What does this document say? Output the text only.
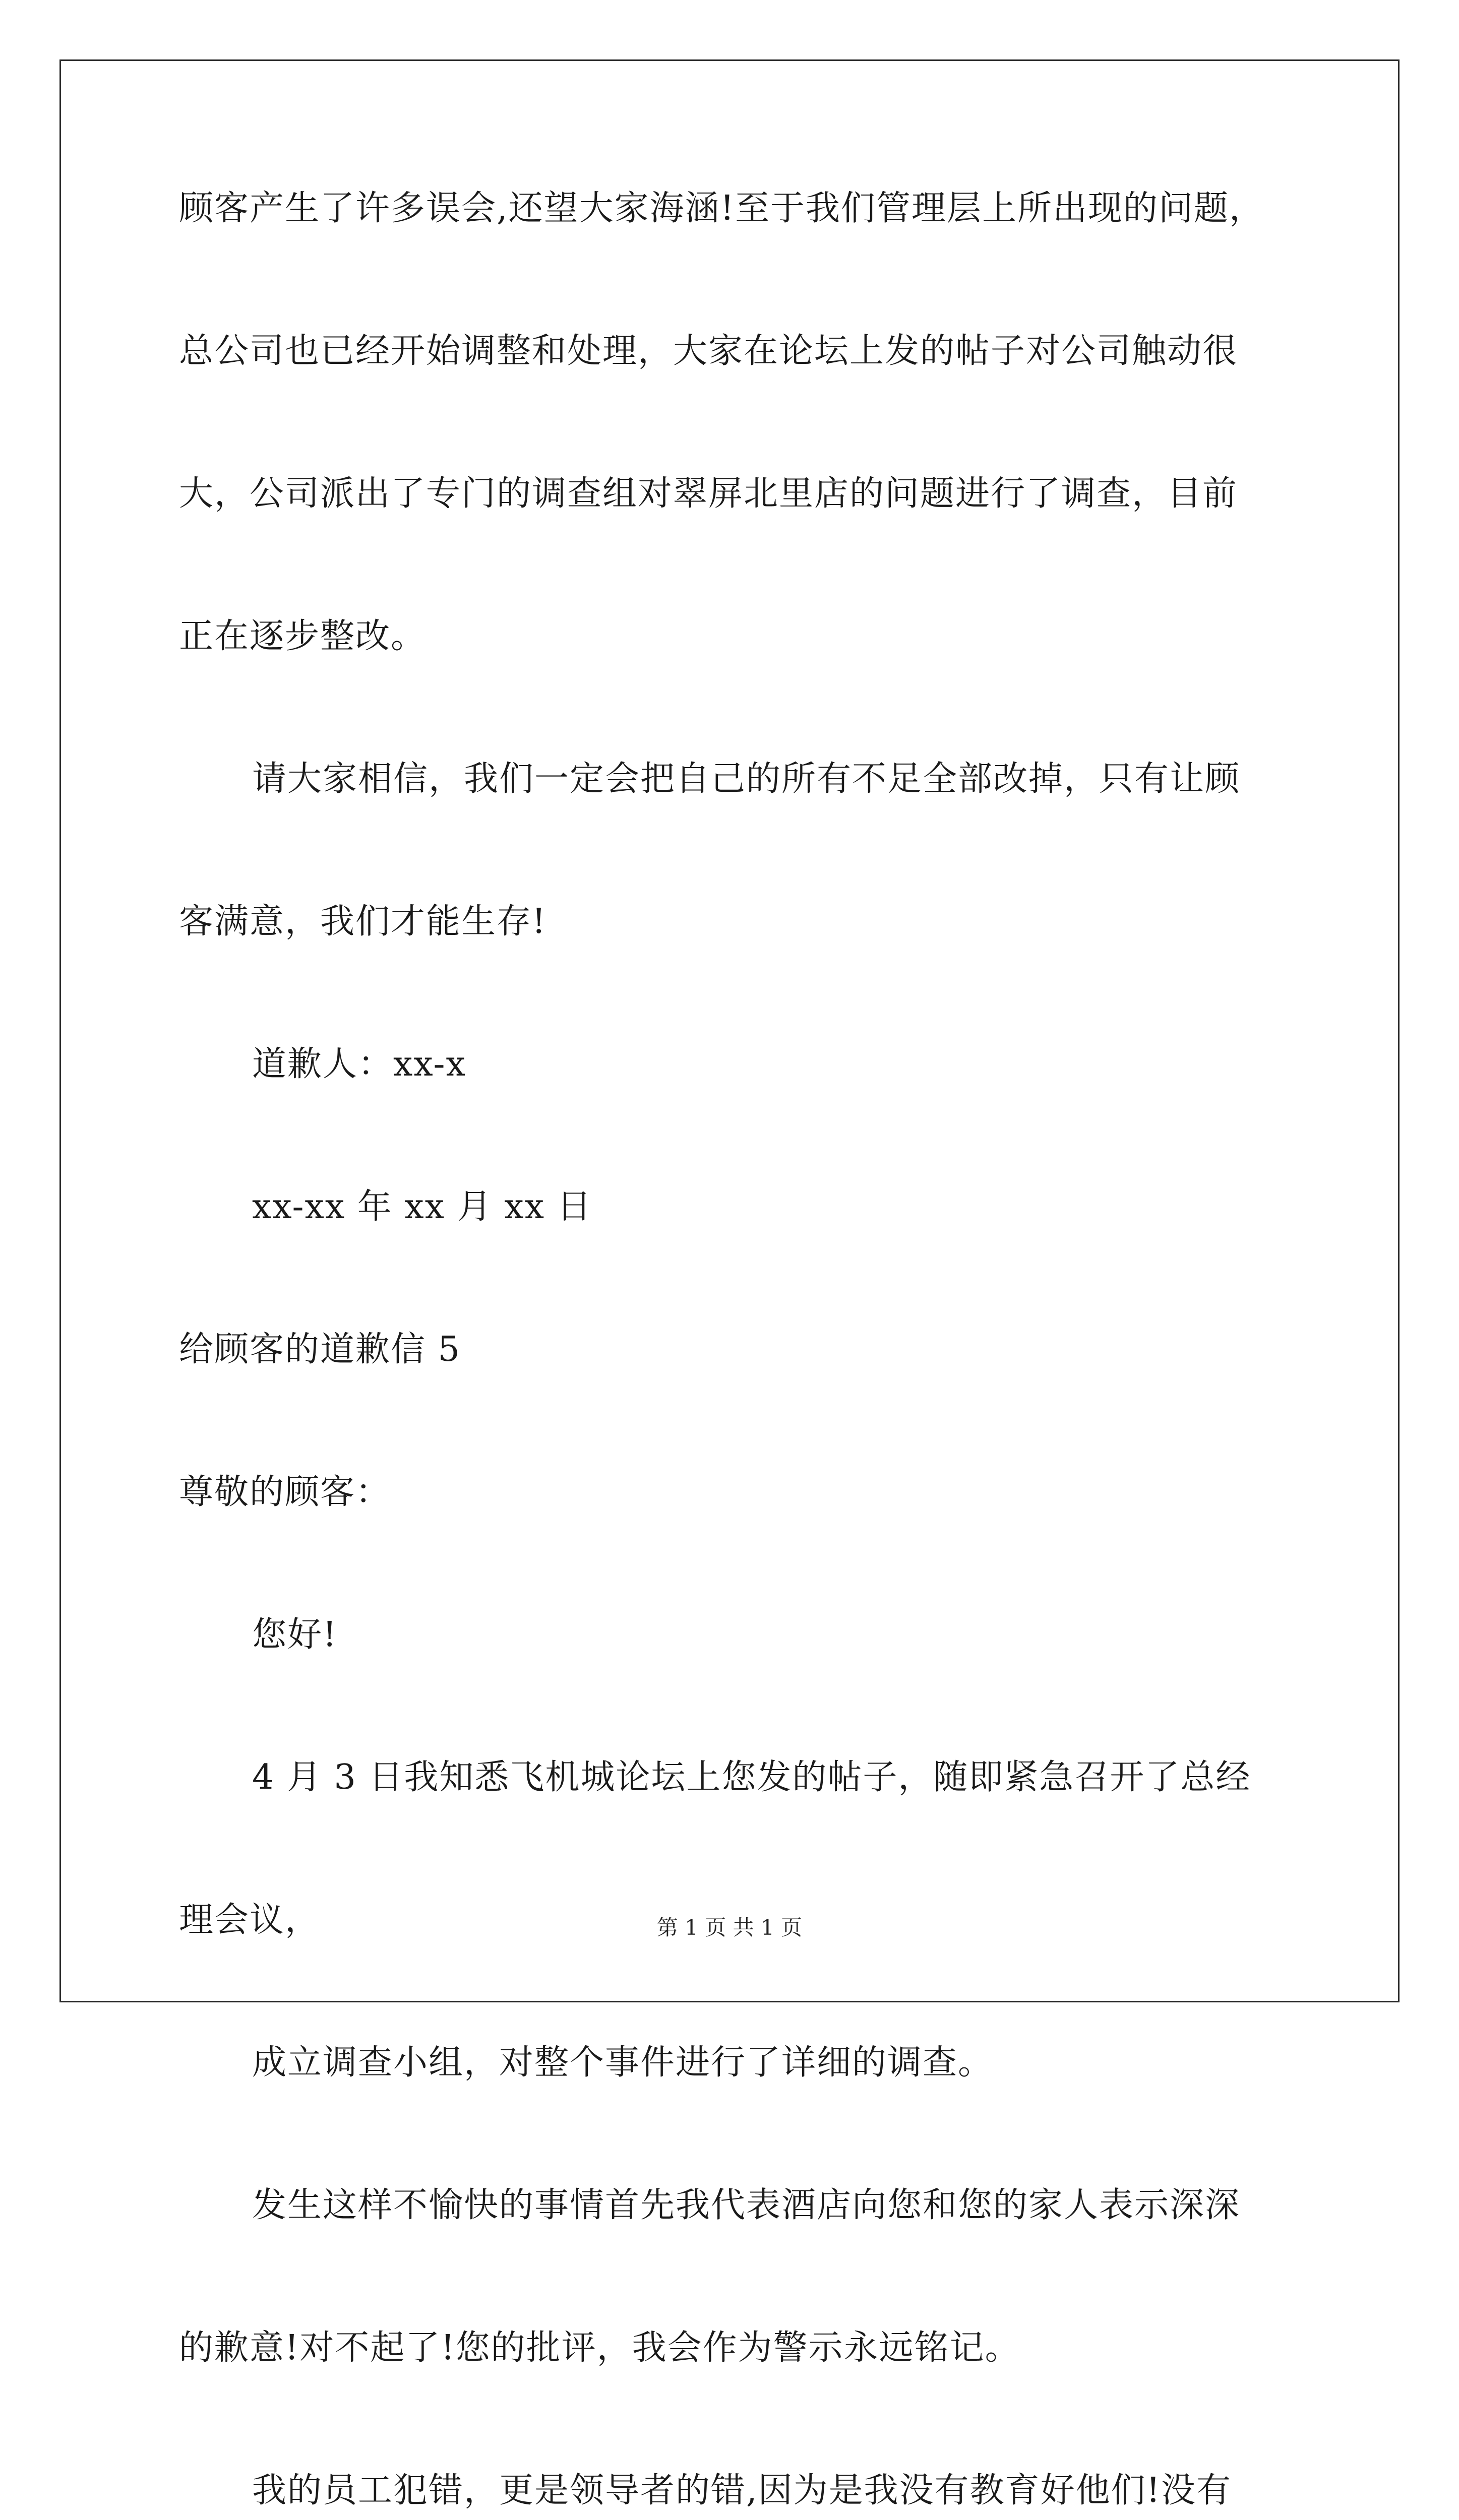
顾客产生了许多误会,还望大家海涵!至于我们管理层上所出现的问题，

总公司也已经开始调整和处理，大家在论坛上发的帖子对公司触动很

大，公司派出了专门的调查组对翠屏北里店的问题进行了调查，目前

正在逐步整改。

请大家相信，我们一定会把自己的所有不足全部改掉，只有让顾

客满意，我们才能生存!

道歉人：xx-x

xx-xx 年 xx 月 xx 日

给顾客的道歉信 5

尊敬的顾客：

您好!

4 月 3 日我知悉飞机城论坛上您发的帖子，随即紧急召开了总经

理会议，

成立调查小组，对整个事件进行了详细的调查。

发生这样不愉快的事情首先我代表酒店向您和您的家人表示深深

的歉意!对不起了!您的批评，我会作为警示永远铭记。

我的员工犯错，更是领导者的错,因为是我没有教育好他们!没有

第 1 页 共 1 页
